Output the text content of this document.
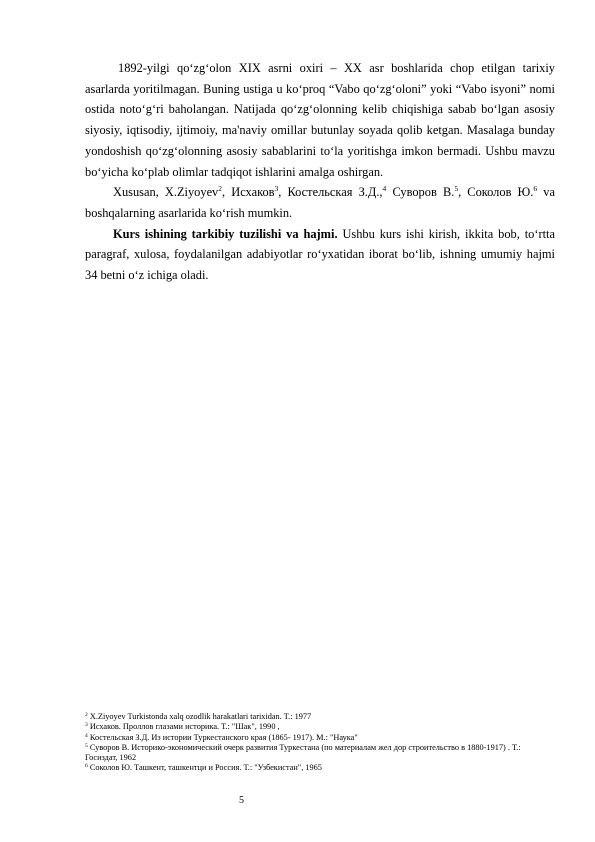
1892-yilgi qo‘zg‘olon XIX asrni oxiri – XX asr boshlarida chop etilgan tarixiy asarlarda yoritilmagan. Buning ustiga u ko‘proq “Vabo qo‘zg‘oloni” yoki “Vabo isyoni” nomi ostida noto‘g‘ri baholangan. Natijada qo‘zg‘olonning kelib chiqishiga sabab bo‘lgan asosiy siyosiy, iqtisodiy, ijtimoiy, ma'naviy omillar butunlay soyada qolib ketgan. Masalaga bunday yondoshish qo‘zg‘olonning asosiy sabablarini to‘la yoritishga imkon bermadi. Ushbu mavzu bo‘yicha ko‘plab olimlar tadqiqot ishlarini amalga oshirgan.

Xususan, X.Ziyoyev$^2$, Исхаков$^3$, Костельская З.Д.,$^4$ Суворов В.$^5$, Соколов Ю.$^6$ va boshqalarning asarlarida ko‘rish mumkin.

Kurs ishining tarkibiy tuzilishi va hajmi. Ushbu kurs ishi kirish, ikkita bob, to‘rtta paragraf, xulosa, foydalanilgan adabiyotlar ro‘yxatidan iborat bo‘lib, ishning umumiy hajmi 34 betni o‘z ichiga oladi.

$^2$ X.Ziyoyev Turkistonda xalq ozodlik harakatlari tarixidan. T.: 1977

$^3$ Исхаков. Проллов глазами историка. Т.: "Шак", 1990 ,

$^4$ Костельская З.Д. Из истории Туркестанского края (1865- 1917). М.: "Наука"

$^5$ Суворов В. Историко-экономический очерк развития Туркестана (по материалам жел дор строительство в 1880-1917) . Т.: Госиздат, 1962

$^6$ Соколов Ю. Ташкент, ташкентци и Россия. Т.: "Узбекистан", 1965

5
